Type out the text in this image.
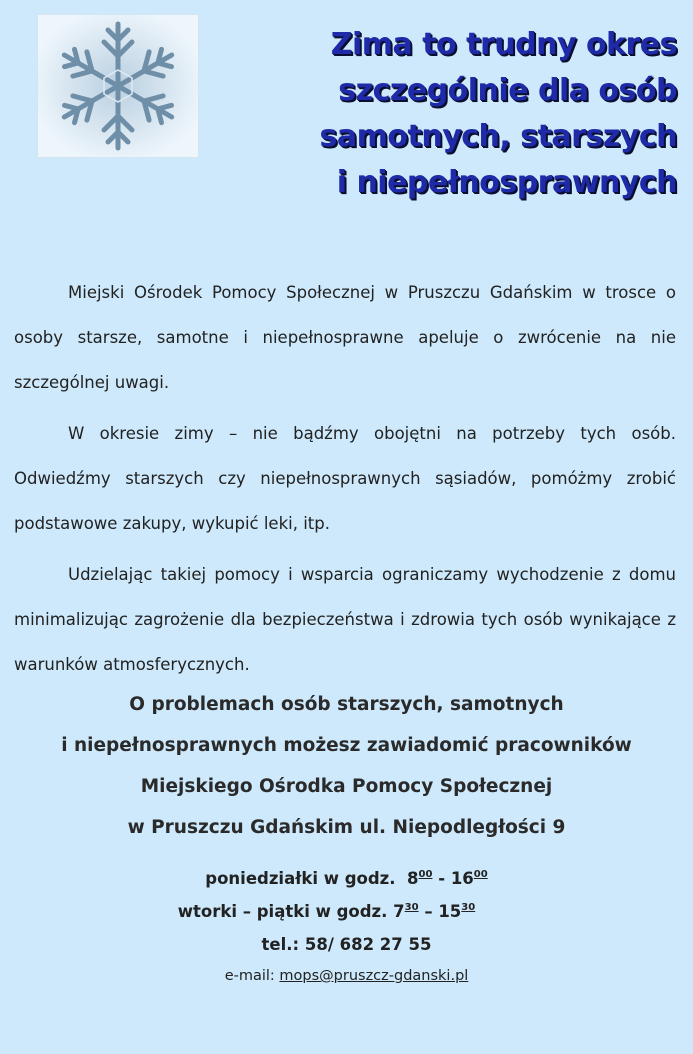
Zima to trudny okres
szczególnie dla osób
samotnych, starszych
i niepełnosprawnych

Miejski Ośrodek Pomocy Społecznej w Pruszczu Gdańskim w trosce o osoby starsze, samotne i niepełnosprawne apeluje o zwrócenie na nie szczególnej uwagi.

W okresie zimy – nie bądźmy obojętni na potrzeby tych osób. Odwiedźmy starszych czy niepełnosprawnych sąsiadów, pomóżmy zrobić podstawowe zakupy, wykupić leki, itp.

Udzielając takiej pomocy i wsparcia ograniczamy wychodzenie z domu minimalizując zagrożenie dla bezpieczeństwa i zdrowia tych osób wynikające z warunków atmosferycznych.

O problemach osób starszych, samotnych
i niepełnosprawnych możesz zawiadomić pracowników
Miejskiego Ośrodka Pomocy Społecznej
w Pruszczu Gdańskim ul. Niepodległości 9
poniedziałki w godz. $8^{00} - 16^{00}$
wtorki – piątki w godz. $7^{30} - 15^{30}$
tel.: 58/ 682 27 55
e-mail: mops@pruszcz-gdanski.pl
